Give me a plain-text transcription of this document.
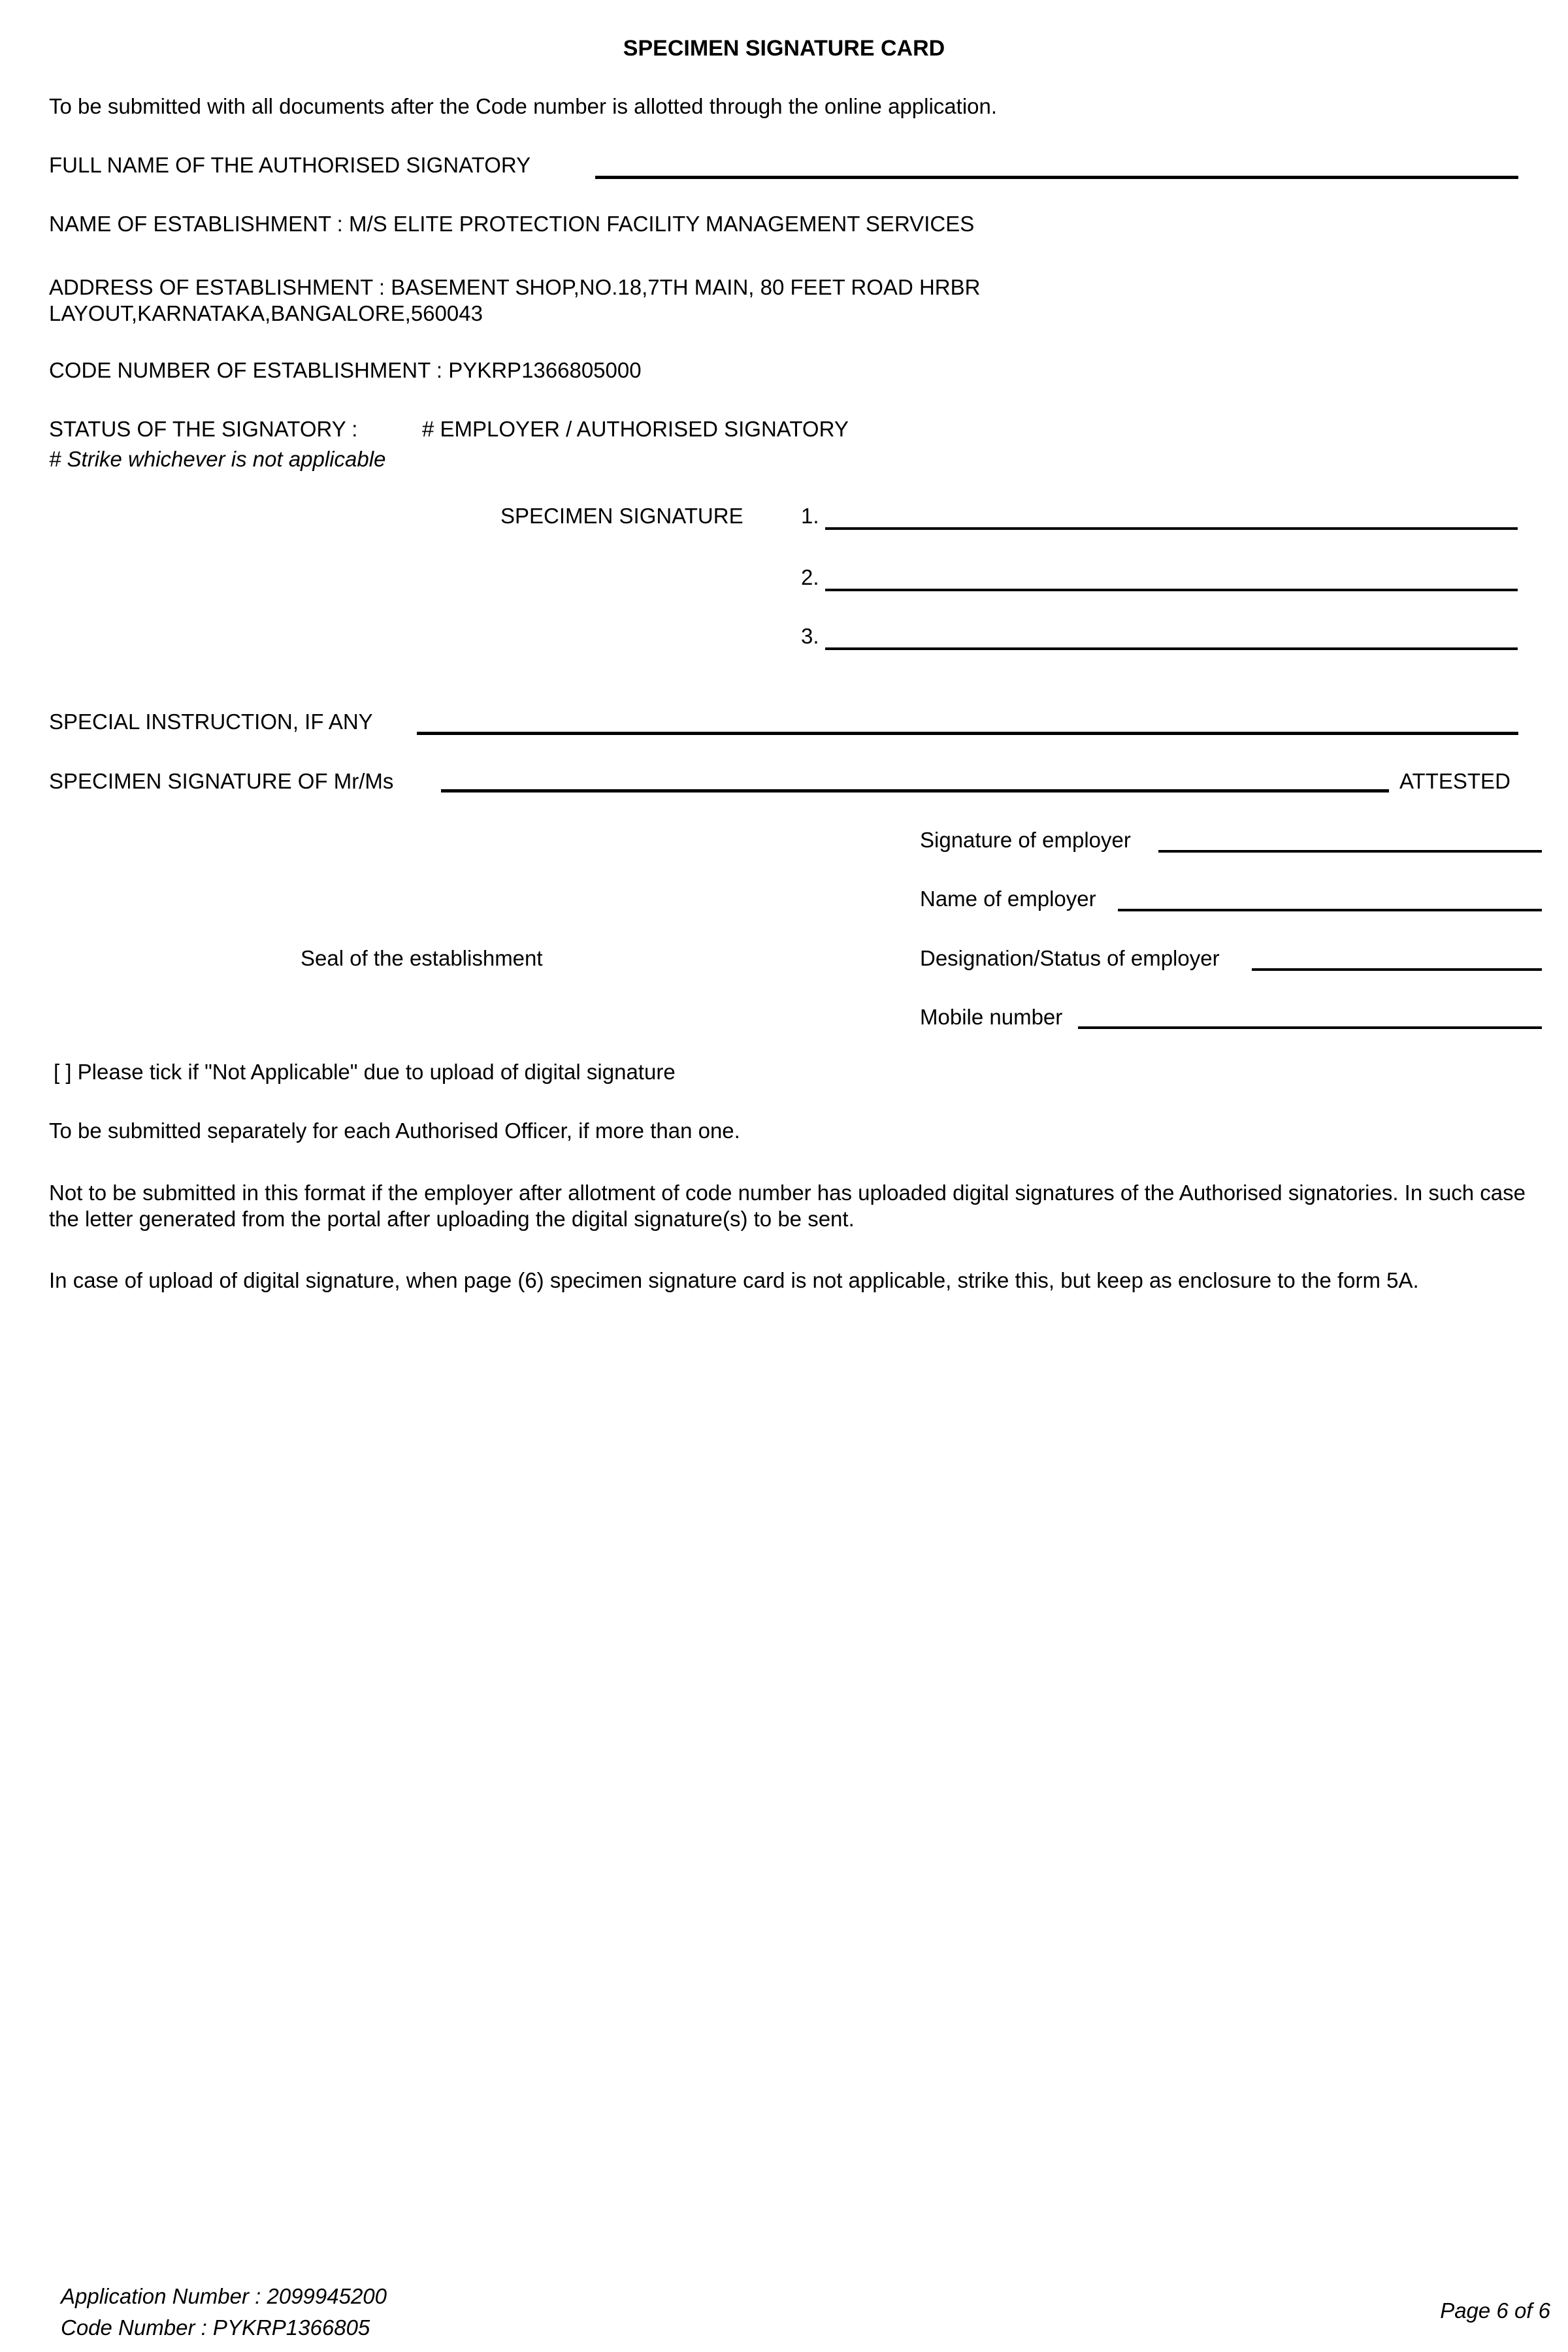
SPECIMEN SIGNATURE CARD
To be submitted with all documents after the Code number is allotted through the online application.
FULL NAME OF THE AUTHORISED SIGNATORY
NAME OF ESTABLISHMENT : M/S ELITE PROTECTION FACILITY MANAGEMENT SERVICES
ADDRESS OF ESTABLISHMENT : BASEMENT SHOP,NO.18,7TH MAIN, 80 FEET ROAD HRBR LAYOUT,KARNATAKA,BANGALORE,560043
CODE NUMBER OF ESTABLISHMENT : PYKRP1366805000
STATUS OF THE SIGNATORY :	# EMPLOYER / AUTHORISED SIGNATORY
# Strike whichever is not applicable
SPECIMEN SIGNATURE	1.
2.
3.
SPECIAL INSTRUCTION, IF ANY
SPECIMEN SIGNATURE OF Mr/Ms	ATTESTED
Signature of employer
Name of employer
Seal of the establishment	Designation/Status of employer
Mobile number
[ ] Please tick if "Not Applicable" due to upload of digital signature
To be submitted separately for each Authorised Officer, if more than one.
Not to be submitted in this format if the employer after allotment of code number has uploaded digital signatures of the Authorised signatories. In such case the letter generated from the portal after uploading the digital signature(s) to be sent.
In case of upload of digital signature, when page (6) specimen signature card is not applicable, strike this, but keep as enclosure to the form 5A.
Application Number : 2099945200
Code Number : PYKRP1366805
Page 6 of 6
